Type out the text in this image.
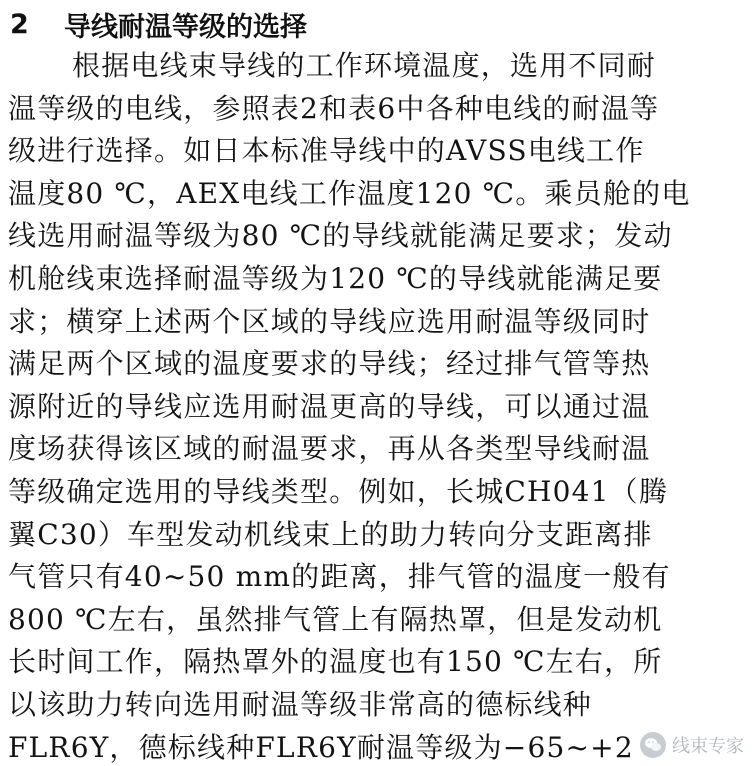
2	导线耐温等级的选择
根据电线束导线的工作环境温度，选用不同耐
温等级的电线，参照表2和表6中各种电线的耐温等
级进行选择。如日本标准导线中的AVSS电线工作
温度80 ℃，AEX电线工作温度120 ℃。乘员舱的电
线选用耐温等级为80 ℃的导线就能满足要求；发动
机舱线束选择耐温等级为120 ℃的导线就能满足要
求；横穿上述两个区域的导线应选用耐温等级同时
满足两个区域的温度要求的导线；经过排气管等热
源附近的导线应选用耐温更高的导线，可以通过温
度场获得该区域的耐温要求，再从各类型导线耐温
等级确定选用的导线类型。例如，长城CH041（腾
翼C30）车型发动机线束上的助力转向分支距离排
气管只有40~50 mm的距离，排气管的温度一般有
800 ℃左右，虽然排气管上有隔热罩，但是发动机
长时间工作，隔热罩外的温度也有150 ℃左右，所
以该助力转向选用耐温等级非常高的德标线种
FLR6Y，德标线种FLR6Y耐温等级为−65~+2	线束专家
